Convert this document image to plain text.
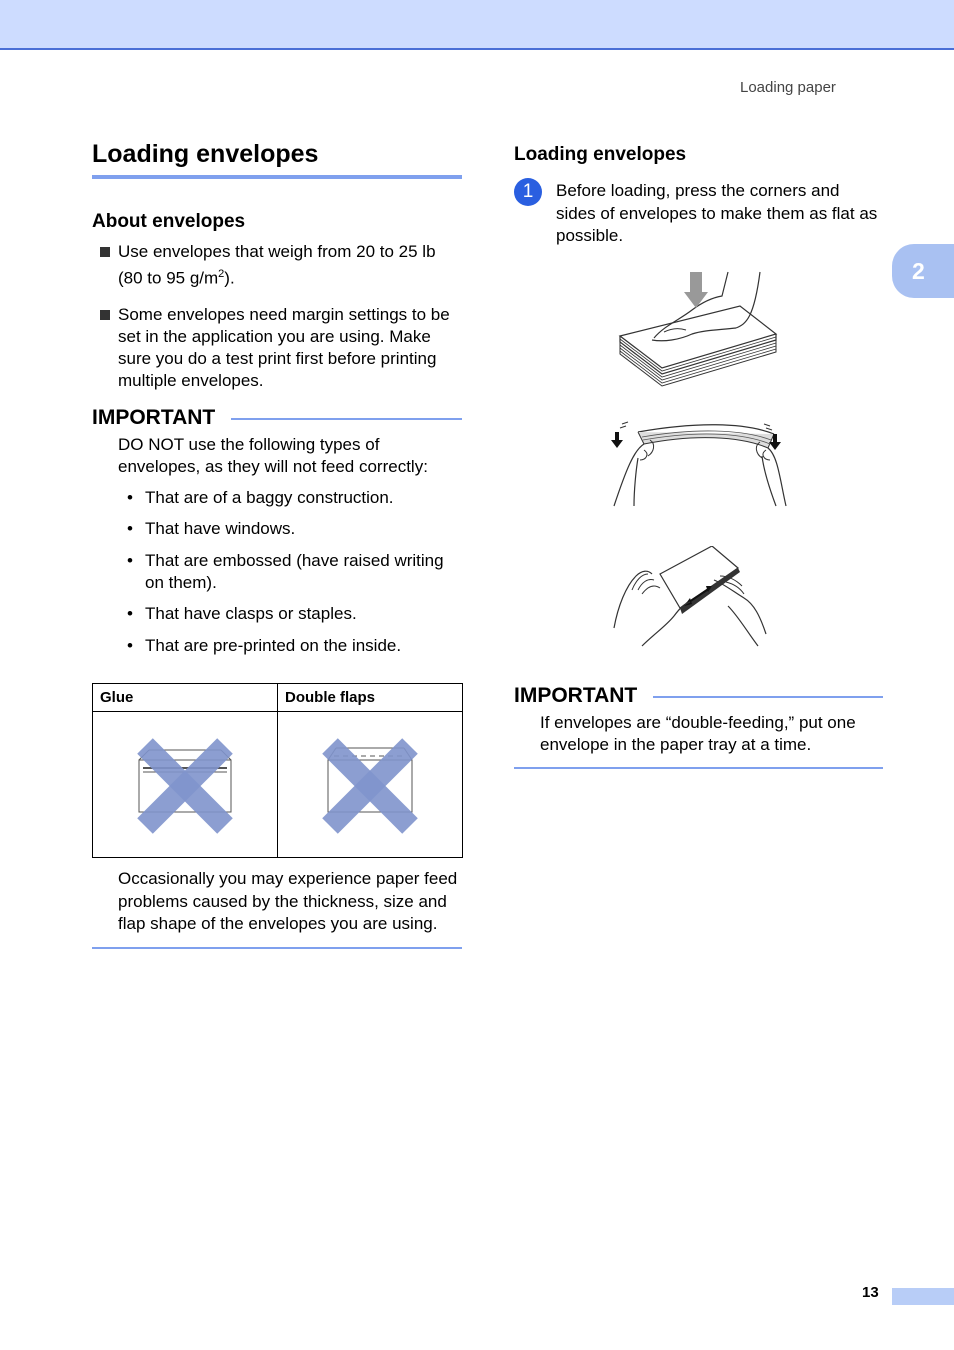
Loading paper
2
Loading envelopes
About envelopes
Use envelopes that weigh from 20 to 25 lb (80 to 95 $g/m^2$).
Some envelopes need margin settings to be set in the application you are using. Make sure you do a test print first before printing multiple envelopes.
IMPORTANT
DO NOT use the following types of envelopes, as they will not feed correctly:
• That are of a baggy construction.
• That have windows.
• That are embossed (have raised writing on them).
• That have clasps or staples.
• That are pre-printed on the inside.
Glue	Double flaps

Occasionally you may experience paper feed problems caused by the thickness, size and flap shape of the envelopes you are using.
Loading envelopes
1	Before loading, press the corners and sides of envelopes to make them as flat as possible.
IMPORTANT
If envelopes are “double-feeding,” put one envelope in the paper tray at a time.
13
